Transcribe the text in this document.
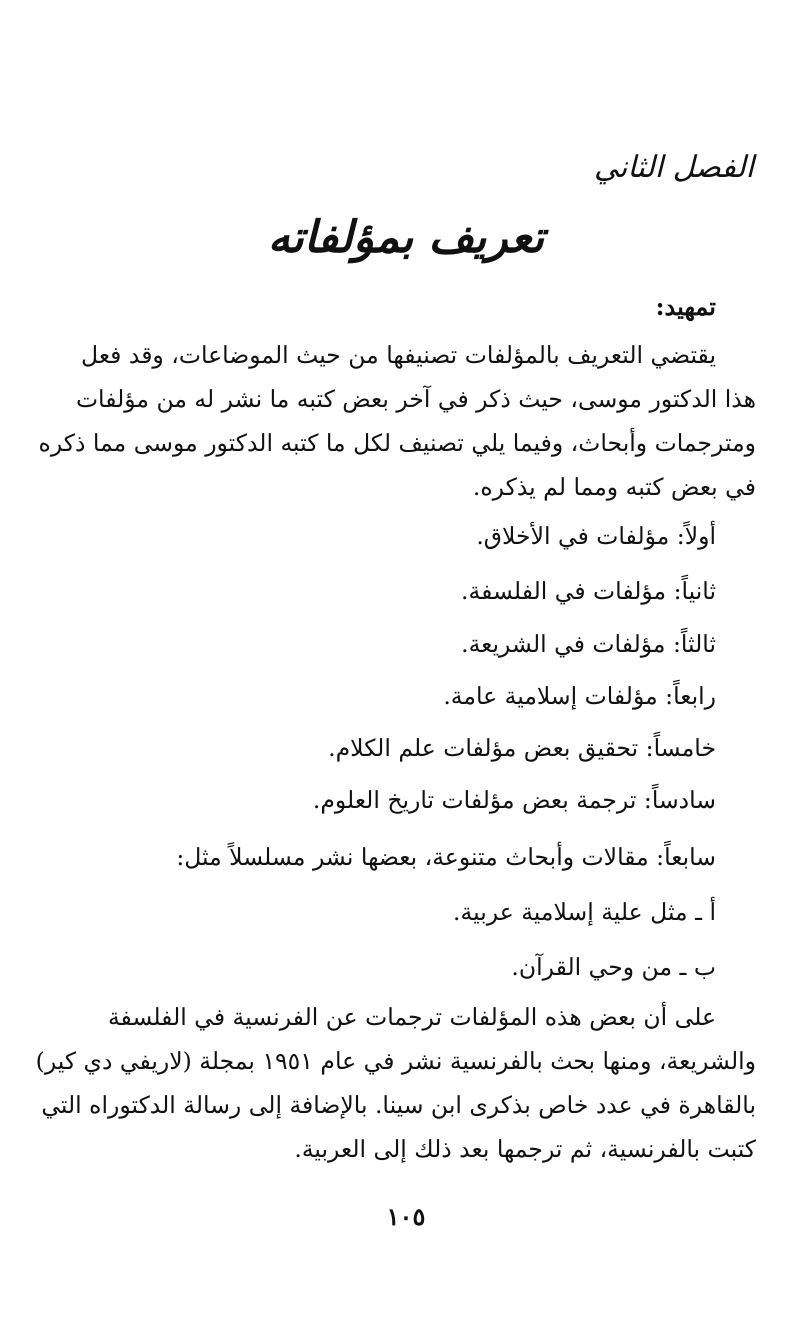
الفصل الثاني
تعريف بمؤلفاته
تمهيد:
يقتضي التعريف بالمؤلفات تصنيفها من حيث الموضاعات، وقد فعل
هذا الدكتور موسى، حيث ذكر في آخر بعض كتبه ما نشر له من مؤلفات
ومترجمات وأبحاث، وفيما يلي تصنيف لكل ما كتبه الدكتور موسى مما ذكره
في بعض كتبه ومما لم يذكره.
أولاً: مؤلفات في الأخلاق.
ثانياً: مؤلفات في الفلسفة.
ثالثاً: مؤلفات في الشريعة.
رابعاً: مؤلفات إسلامية عامة.
خامساً: تحقيق بعض مؤلفات علم الكلام.
سادساً: ترجمة بعض مؤلفات تاريخ العلوم.
سابعاً: مقالات وأبحاث متنوعة، بعضها نشر مسلسلاً مثل:
أ ـ مثل علية إسلامية عربية.
ب ـ من وحي القرآن.
على أن بعض هذه المؤلفات ترجمات عن الفرنسية في الفلسفة
والشريعة، ومنها بحث بالفرنسية نشر في عام ١٩٥١ بمجلة (لاريفي دي كير)
بالقاهرة في عدد خاص بذكرى ابن سينا. بالإضافة إلى رسالة الدكتوراه التي
كتبت بالفرنسية، ثم ترجمها بعد ذلك إلى العربية.
١٠٥
